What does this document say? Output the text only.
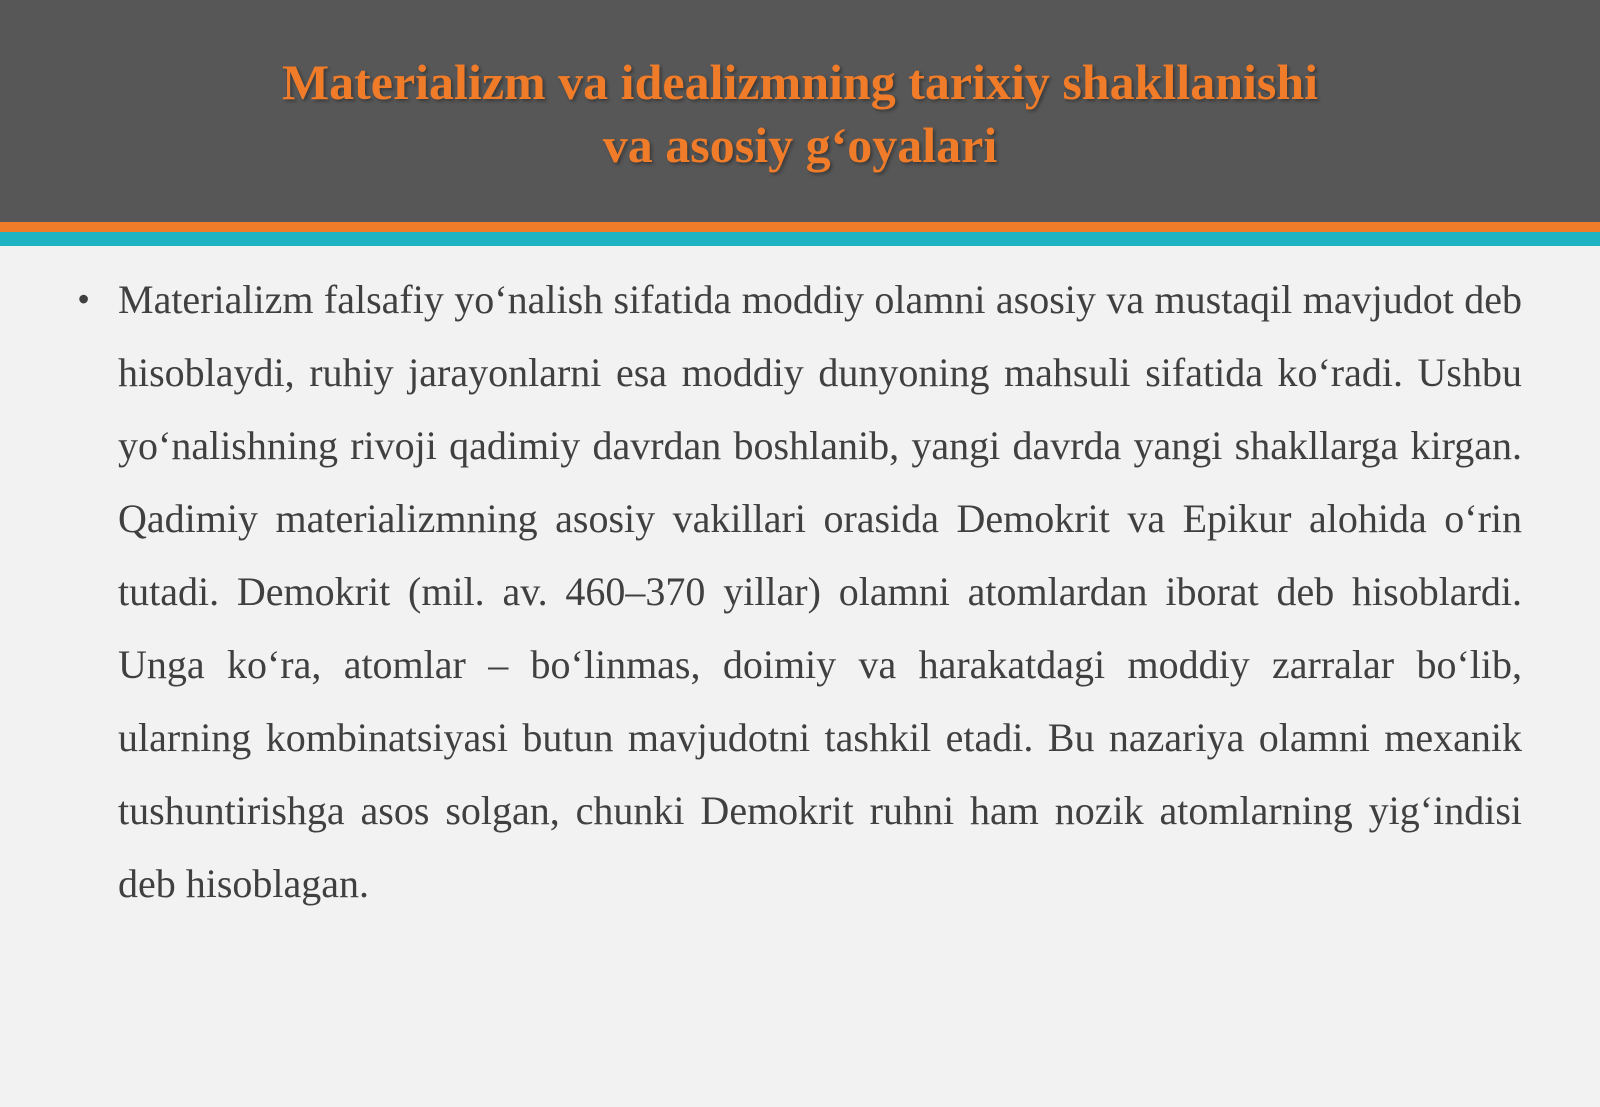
Materializm va idealizmning tarixiy shakllanishi
va asosiy g‘oyalari
• Materializm falsafiy yo‘nalish sifatida moddiy olamni asosiy va mustaqil mavjudot deb hisoblaydi, ruhiy jarayonlarni esa moddiy dunyoning mahsuli sifatida ko‘radi. Ushbu yo‘nalishning rivoji qadimiy davrdan boshlanib, yangi davrda yangi shakllarga kirgan. Qadimiy materializmning asosiy vakillari orasida Demokrit va Epikur alohida o‘rin tutadi. Demokrit (mil. av. 460–370 yillar) olamni atomlardan iborat deb hisoblardi. Unga ko‘ra, atomlar – bo‘linmas, doimiy va harakatdagi moddiy zarralar bo‘lib, ularning kombinatsiyasi butun mavjudotni tashkil etadi. Bu nazariya olamni mexanik tushuntirishga asos solgan, chunki Demokrit ruhni ham nozik atomlarning yig‘indisi deb hisoblagan.
